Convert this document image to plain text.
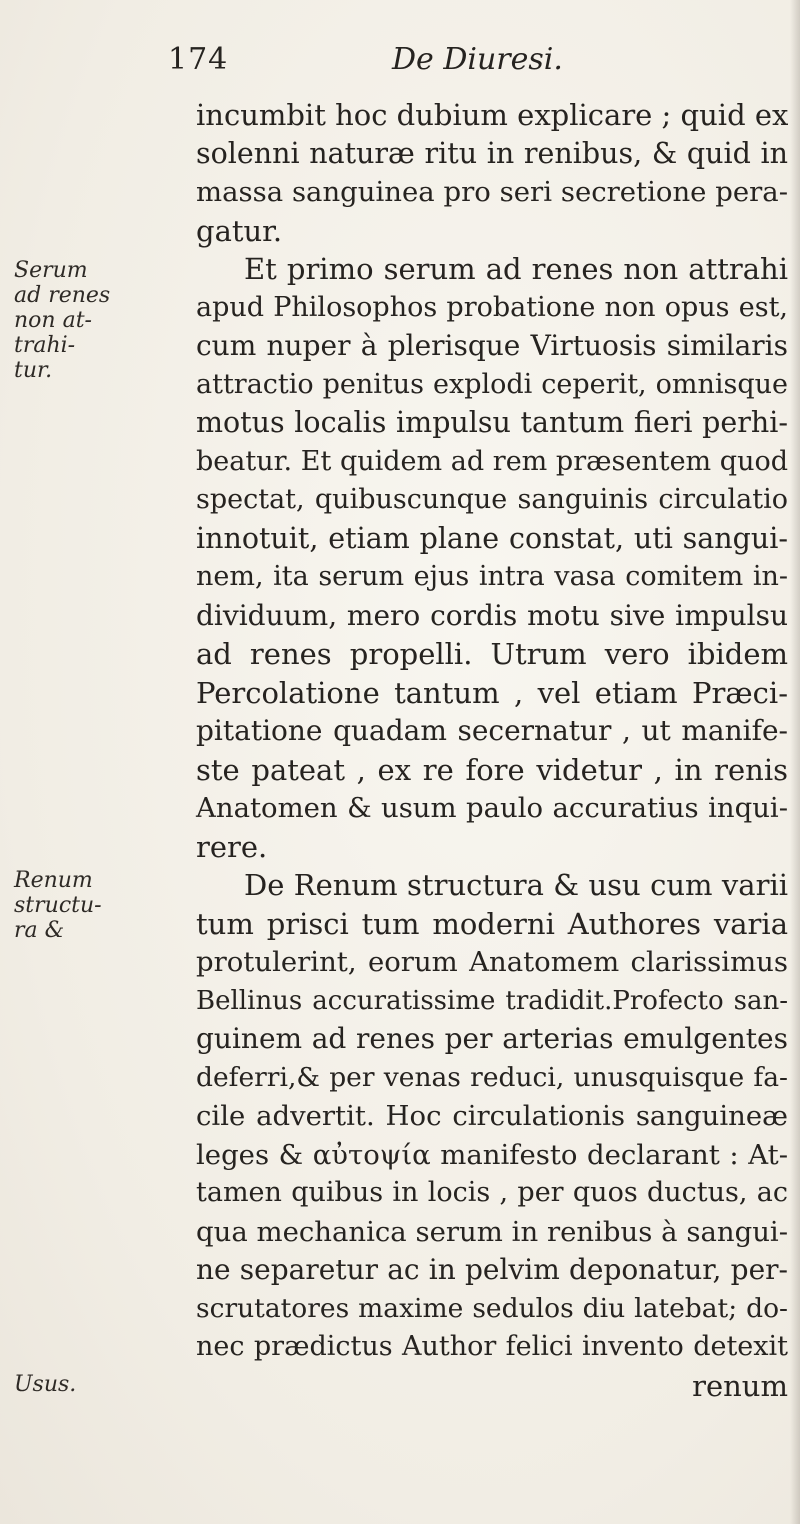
174	De Diuresi.
Serum
ad renes
non at-
trahi-
tur.
Renum
structu-
ra &
Usus.
incumbit hoc dubium explicare ; quid ex
solenni naturæ ritu in renibus, & quid in
massa sanguinea pro seri secretione pera-
gatur.
Et primo serum ad renes non attrahi
apud Philosophos probatione non opus est,
cum nuper à plerisque Virtuosis similaris
attractio penitus explodi ceperit, omnisque
motus localis impulsu tantum fieri perhi-
beatur. Et quidem ad rem præsentem quod
spectat, quibuscunque sanguinis circulatio
innotuit, etiam plane constat, uti sangui-
nem, ita serum ejus intra vasa comitem in-
dividuum, mero cordis motu sive impulsu
ad renes propelli. Utrum vero ibidem
Percolatione tantum , vel etiam Præci-
pitatione quadam secernatur , ut manife-
ste pateat , ex re fore videtur , in renis
Anatomen & usum paulo accuratius inqui-
rere.
De Renum structura & usu cum varii
tum prisci tum moderni Authores varia
protulerint, eorum Anatomem clarissimus
Bellinus accuratissime tradidit.Profecto san-
guinem ad renes per arterias emulgentes
deferri,& per venas reduci, unusquisque fa-
cile advertit. Hoc circulationis sanguineæ
leges & αὐτοψία manifesto declarant : At-
tamen quibus in locis , per quos ductus, ac
qua mechanica serum in renibus à sangui-
ne separetur ac in pelvim deponatur, per-
scrutatores maxime sedulos diu latebat; do-
nec prædictus Author felici invento detexit
renum
